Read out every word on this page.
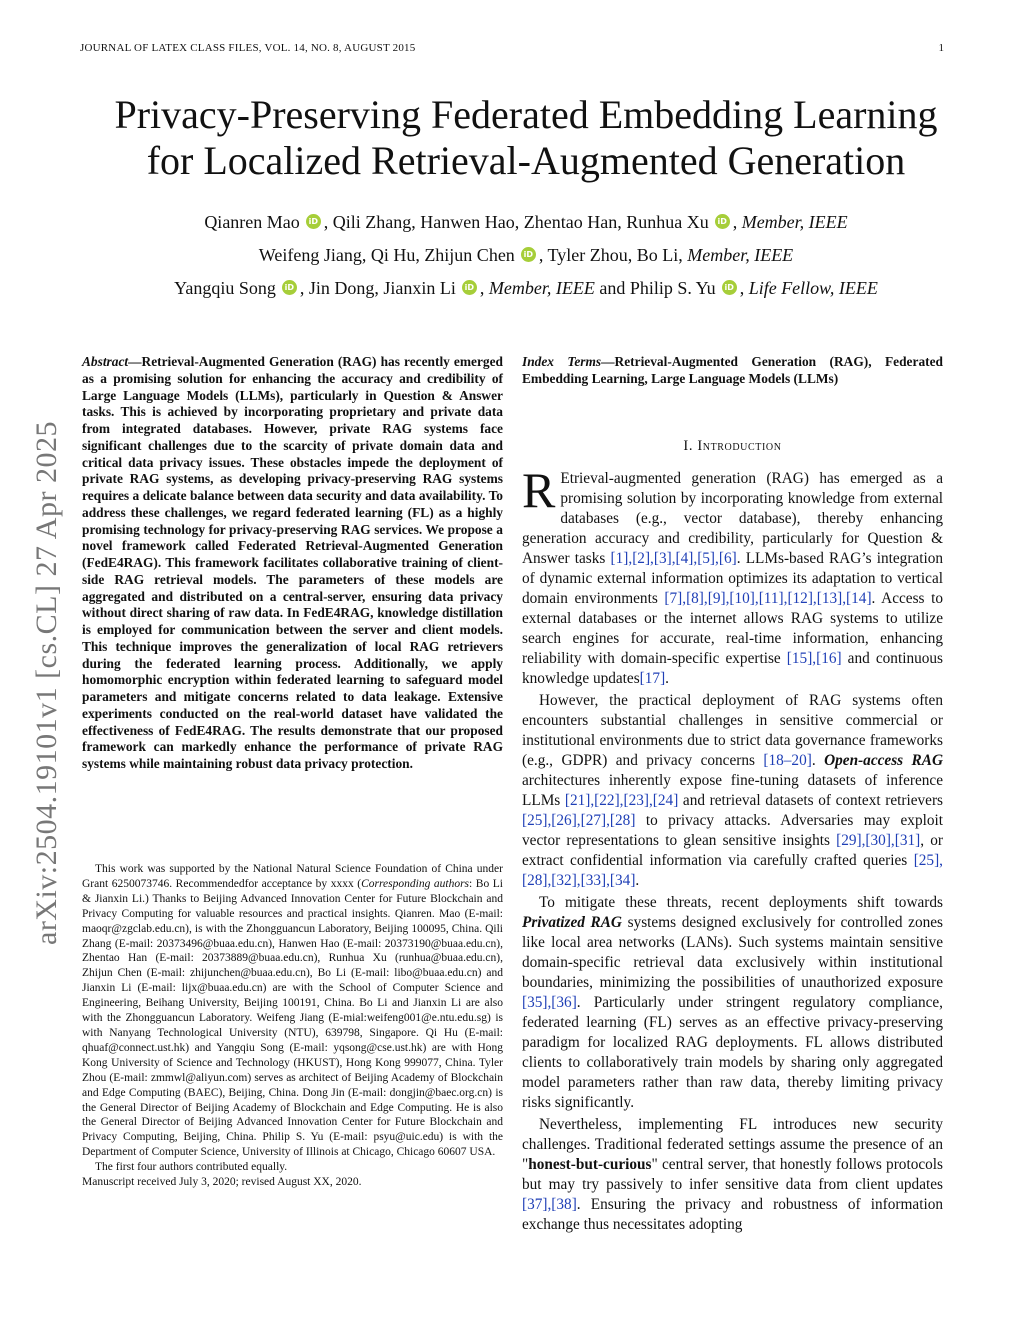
JOURNAL OF LATEX CLASS FILES, VOL. 14, NO. 8, AUGUST 2015	1
Privacy-Preserving Federated Embedding Learning
for Localized Retrieval-Augmented Generation
Qianren Mao iD , Qili Zhang, Hanwen Hao, Zhentao Han, Runhua Xu iD , Member, IEEE
Weifeng Jiang, Qi Hu, Zhijun Chen iD , Tyler Zhou, Bo Li, Member, IEEE
Yangqiu Song iD , Jin Dong, Jianxin Li iD , Member, IEEE and Philip S. Yu iD , Life Fellow, IEEE
arXiv:2504.19101v1 [cs.CL] 27 Apr 2025
Abstract—Retrieval-Augmented Generation (RAG) has recently emerged as a promising solution for enhancing the accuracy and credibility of Large Language Models (LLMs), particularly in Question & Answer tasks. This is achieved by incorporating proprietary and private data from integrated databases. However, private RAG systems face significant challenges due to the scarcity of private domain data and critical data privacy issues. These obstacles impede the deployment of private RAG systems, as developing privacy-preserving RAG systems requires a delicate balance between data security and data availability. To address these challenges, we regard federated learning (FL) as a highly promising technology for privacy-preserving RAG services. We propose a novel framework called Federated Retrieval-Augmented Generation (FedE4RAG). This framework facilitates collaborative training of client-side RAG retrieval models. The parameters of these models are aggregated and distributed on a central-server, ensuring data privacy without direct sharing of raw data. In FedE4RAG, knowledge distillation is employed for communication between the server and client models. This technique improves the generalization of local RAG retrievers during the federated learning process. Additionally, we apply homomorphic encryption within federated learning to safeguard model parameters and mitigate concerns related to data leakage. Extensive experiments conducted on the real-world dataset have validated the effectiveness of FedE4RAG. The results demonstrate that our proposed framework can markedly enhance the performance of private RAG systems while maintaining robust data privacy protection.

This work was supported by the National Natural Science Foundation of China under Grant 6250073746. Recommendedfor acceptance by xxxx (Corresponding authors: Bo Li & Jianxin Li.) Thanks to Beijing Advanced Innovation Center for Future Blockchain and Privacy Computing for valuable resources and practical insights. Qianren. Mao (E-mail: maoqr@zgclab.edu.cn), is with the Zhongguancun Laboratory, Beijing 100095, China. Qili Zhang (E-mail: 20373496@buaa.edu.cn), Hanwen Hao (E-mail: 20373190@buaa.edu.cn), Zhentao Han (E-mail: 20373889@buaa.edu.cn), Runhua Xu (runhua@buaa.edu.cn), Zhijun Chen (E-mail: zhijunchen@buaa.edu.cn), Bo Li (E-mail: libo@buaa.edu.cn) and Jianxin Li (E-mail: lijx@buaa.edu.cn) are with the School of Computer Science and Engineering, Beihang University, Beijing 100191, China. Bo Li and Jianxin Li are also with the Zhongguancun Laboratory. Weifeng Jiang (E-mial:weifeng001@e.ntu.edu.sg) is with Nanyang Technological University (NTU), 639798, Singapore. Qi Hu (E-mail: qhuaf@connect.ust.hk) and Yangqiu Song (E-mail: yqsong@cse.ust.hk) are with Hong Kong University of Science and Technology (HKUST), Hong Kong 999077, China. Tyler Zhou (E-mail: zmmwl@aliyun.com) serves as architect of Beijing Academy of Blockchain and Edge Computing (BAEC), Beijing, China. Dong Jin (E-mail: dongjin@baec.org.cn) is the General Director of Beijing Academy of Blockchain and Edge Computing. He is also the General Director of Beijing Advanced Innovation Center for Future Blockchain and Privacy Computing, Beijing, China. Philip S. Yu (E-mail: psyu@uic.edu) is with the Department of Computer Science, University of Illinois at Chicago, Chicago 60607 USA.

The first four authors contributed equally.

Manuscript received July 3, 2020; revised August XX, 2020.

Index Terms—Retrieval-Augmented Generation (RAG), Federated Embedding Learning, Large Language Models (LLMs)
I. Introduction

R Etrieval-augmented generation (RAG) has emerged as a promising solution by incorporating knowledge from external databases (e.g., vector database), thereby enhancing generation accuracy and credibility, particularly for Question & Answer tasks [1],[2],[3],[4],[5],[6]. LLMs-based RAG’s integration of dynamic external information optimizes its adaptation to vertical domain environments [7],[8],[9],[10],[11],[12],[13],[14]. Access to external databases or the internet allows RAG systems to utilize search engines for accurate, real-time information, enhancing reliability with domain-specific expertise [15],[16] and continuous knowledge updates[17].

However, the practical deployment of RAG systems often encounters substantial challenges in sensitive commercial or institutional environments due to strict data governance frameworks (e.g., GDPR) and privacy concerns [18–20]. Open-access RAG architectures inherently expose fine-tuning datasets of inference LLMs [21],[22],[23],[24] and retrieval datasets of context retrievers [25],[26],[27],[28] to privacy attacks. Adversaries may exploit vector representations to glean sensitive insights [29],[30],[31], or extract confidential information via carefully crafted queries [25],[28],[32],[33],[34].

To mitigate these threats, recent deployments shift towards Privatized RAG systems designed exclusively for controlled zones like local area networks (LANs). Such systems maintain sensitive domain-specific retrieval data exclusively within institutional boundaries, minimizing the possibilities of unauthorized exposure [35],[36]. Particularly under stringent regulatory compliance, federated learning (FL) serves as an effective privacy-preserving paradigm for localized RAG deployments. FL allows distributed clients to collaboratively train models by sharing only aggregated model parameters rather than raw data, thereby limiting privacy risks significantly.

Nevertheless, implementing FL introduces new security challenges. Traditional federated settings assume the presence of an "honest-but-curious" central server, that honestly follows protocols but may try passively to infer sensitive data from client updates [37],[38]. Ensuring the privacy and robustness of information exchange thus necessitates adopting
